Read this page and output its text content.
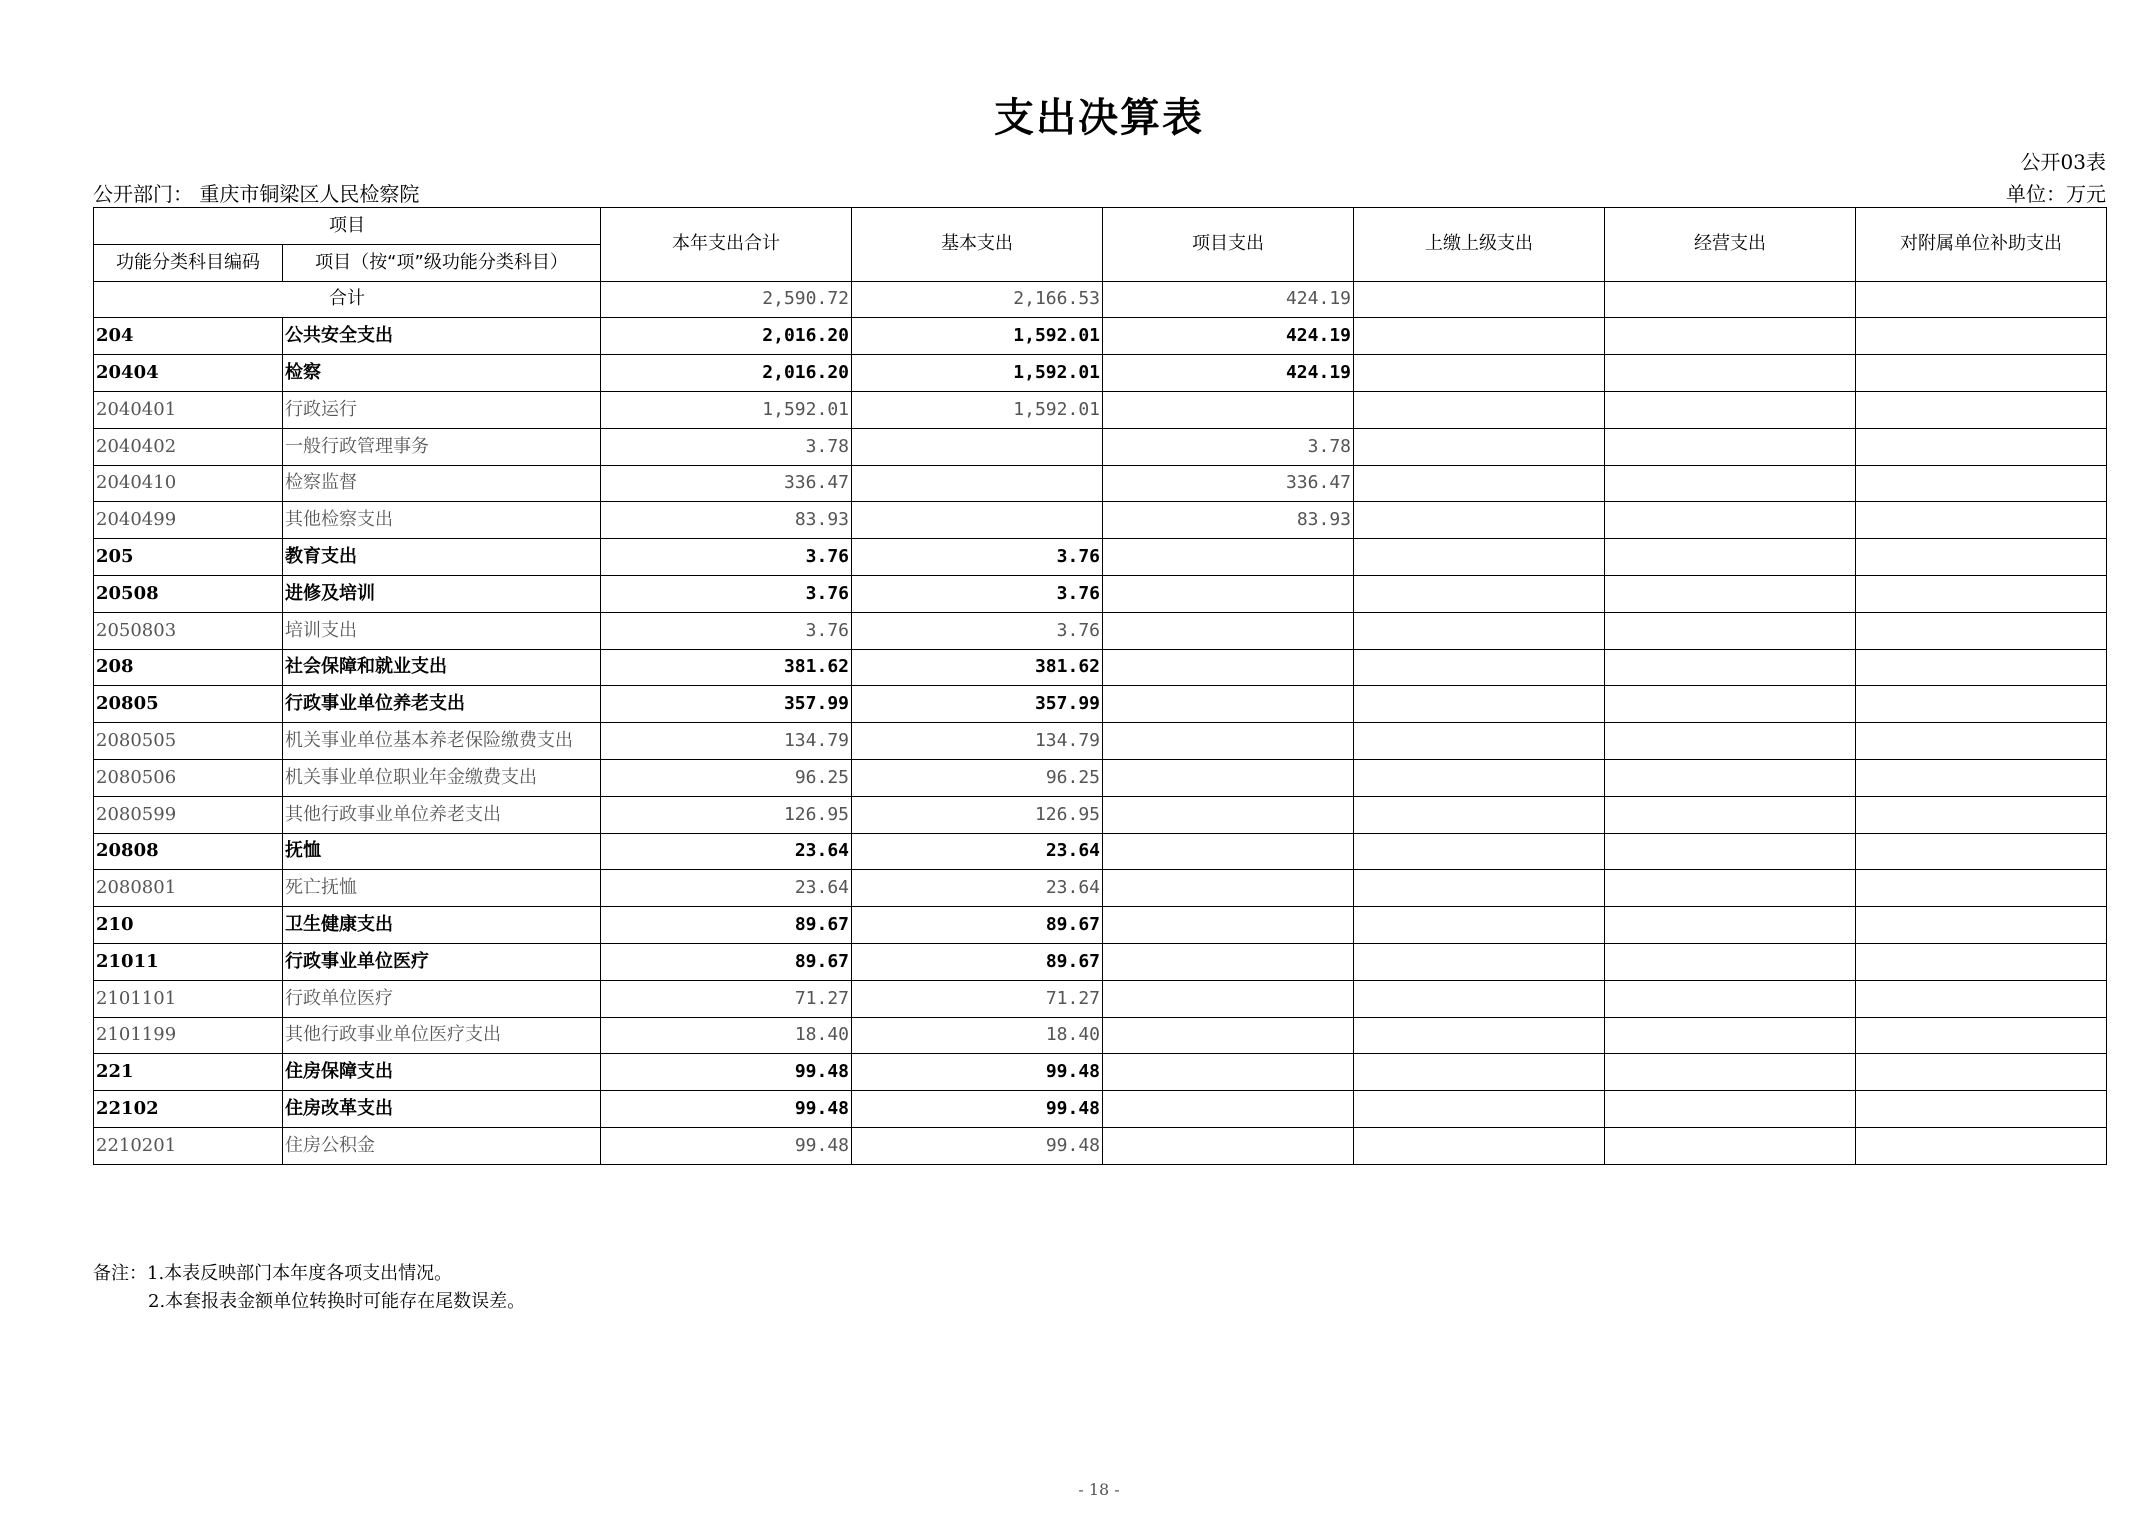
支出决算表
公开03表
公开部门： 重庆市铜梁区人民检察院	单位：万元
项目		本年支出合计	基本支出	项目支出	上缴上级支出	经营支出	对附属单位补助支出
功能分类科目编码	项目（按“项”级功能分类科目）						
合计		2,590.72	2,166.53	424.19			
204	公共安全支出	2,016.20	1,592.01	424.19			
20404	检察	2,016.20	1,592.01	424.19			
2040401	行政运行	1,592.01	1,592.01				
2040402	一般行政管理事务	3.78		3.78			
2040410	检察监督	336.47		336.47			
2040499	其他检察支出	83.93		83.93			
205	教育支出	3.76	3.76				
20508	进修及培训	3.76	3.76				
2050803	培训支出	3.76	3.76				
208	社会保障和就业支出	381.62	381.62				
20805	行政事业单位养老支出	357.99	357.99				
2080505	机关事业单位基本养老保险缴费支出	134.79	134.79				
2080506	机关事业单位职业年金缴费支出	96.25	96.25				
2080599	其他行政事业单位养老支出	126.95	126.95				
20808	抚恤	23.64	23.64				
2080801	死亡抚恤	23.64	23.64				
210	卫生健康支出	89.67	89.67				
21011	行政事业单位医疗	89.67	89.67				
2101101	行政单位医疗	71.27	71.27				
2101199	其他行政事业单位医疗支出	18.40	18.40				
221	住房保障支出	99.48	99.48				
22102	住房改革支出	99.48	99.48				
2210201	住房公积金	99.48	99.48				
备注：1.本表反映部门本年度各项支出情况。
2.本套报表金额单位转换时可能存在尾数误差。
- 18 -
